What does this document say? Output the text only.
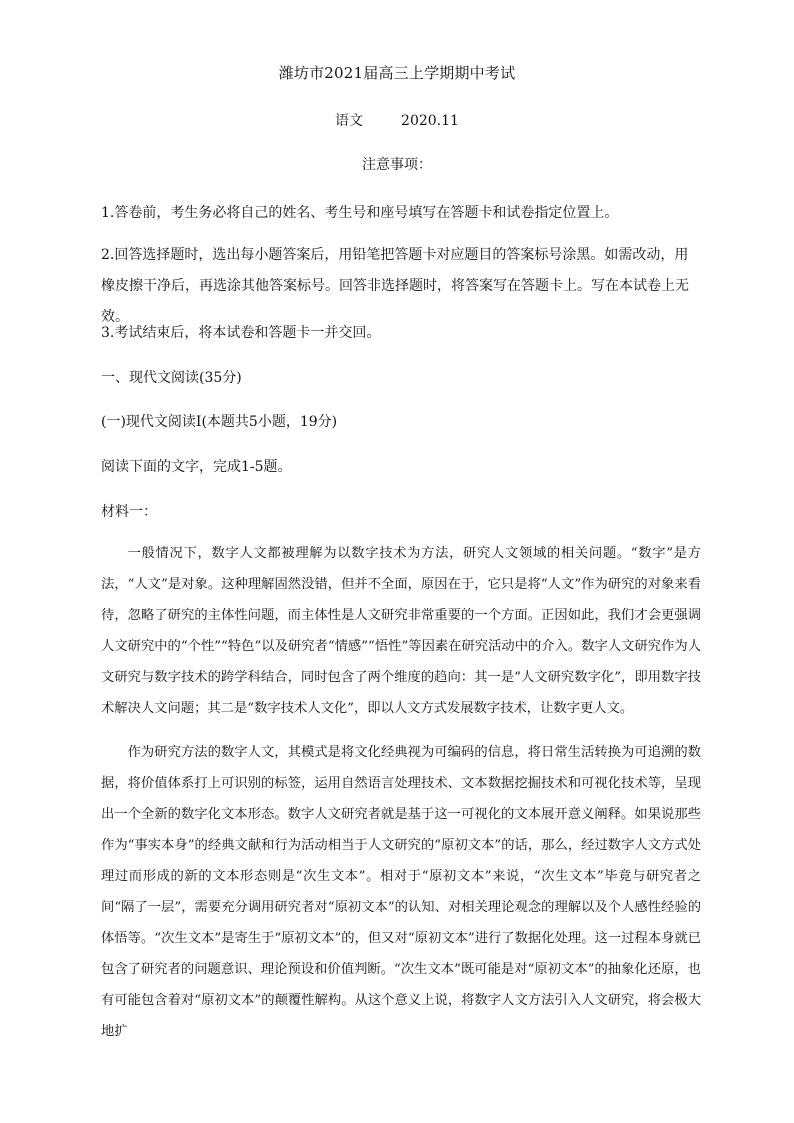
潍坊市2021届高三上学期期中考试
语文	2020.11
注意事项：
1.答卷前，考生务必将自己的姓名、考生号和座号填写在答题卡和试卷指定位置上。
2.回答选择题时，选出每小题答案后，用铅笔把答题卡对应题目的答案标号涂黑。如需改动，用橡皮擦干净后，再选涂其他答案标号。回答非选择题时，将答案写在答题卡上。写在本试卷上无效。
3.考试结束后，将本试卷和答题卡一并交回。
一、现代文阅读(35分)
(一)现代文阅读Ⅰ(本题共5小题，19分)
阅读下面的文字，完成1-5题。
材料一：
一般情况下，数字人文都被理解为以数字技术为方法，研究人文领域的相关问题。“数字”是方法，“人文”是对象。这种理解固然没错，但并不全面，原因在于，它只是将“人文”作为研究的对象来看待，忽略了研究的主体性问题，而主体性是人文研究非常重要的一个方面。正因如此，我们才会更强调人文研究中的“个性”“特色”以及研究者“情感”“悟性”等因素在研究活动中的介入。数字人文研究作为人文研究与数字技术的跨学科结合，同时包含了两个维度的趋向：其一是“人文研究数字化”，即用数字技术解决人文问题；其二是“数字技术人文化”，即以人文方式发展数字技术，让数字更人文。
作为研究方法的数字人文，其模式是将文化经典视为可编码的信息，将日常生活转换为可追溯的数据，将价值体系打上可识别的标签，运用自然语言处理技术、文本数据挖掘技术和可视化技术等，呈现出一个全新的数字化文本形态。数字人文研究者就是基于这一可视化的文本展开意义阐释。如果说那些作为“事实本身”的经典文献和行为活动相当于人文研究的“原初文本”的话，那么，经过数字人文方式处理过而形成的新的文本形态则是“次生文本”。相对于“原初文本”来说，“次生文本”毕竟与研究者之间“隔了一层”，需要充分调用研究者对“原初文本”的认知、对相关理论观念的理解以及个人感性经验的体悟等。“次生文本”是寄生于“原初文本”的，但又对“原初文本”进行了数据化处理。这一过程本身就已包含了研究者的问题意识、理论预设和价值判断。“次生文本”既可能是对“原初文本”的抽象化还原，也有可能包含着对“原初文本”的颠覆性解构。从这个意义上说，将数字人文方法引入人文研究，将会极大地扩
